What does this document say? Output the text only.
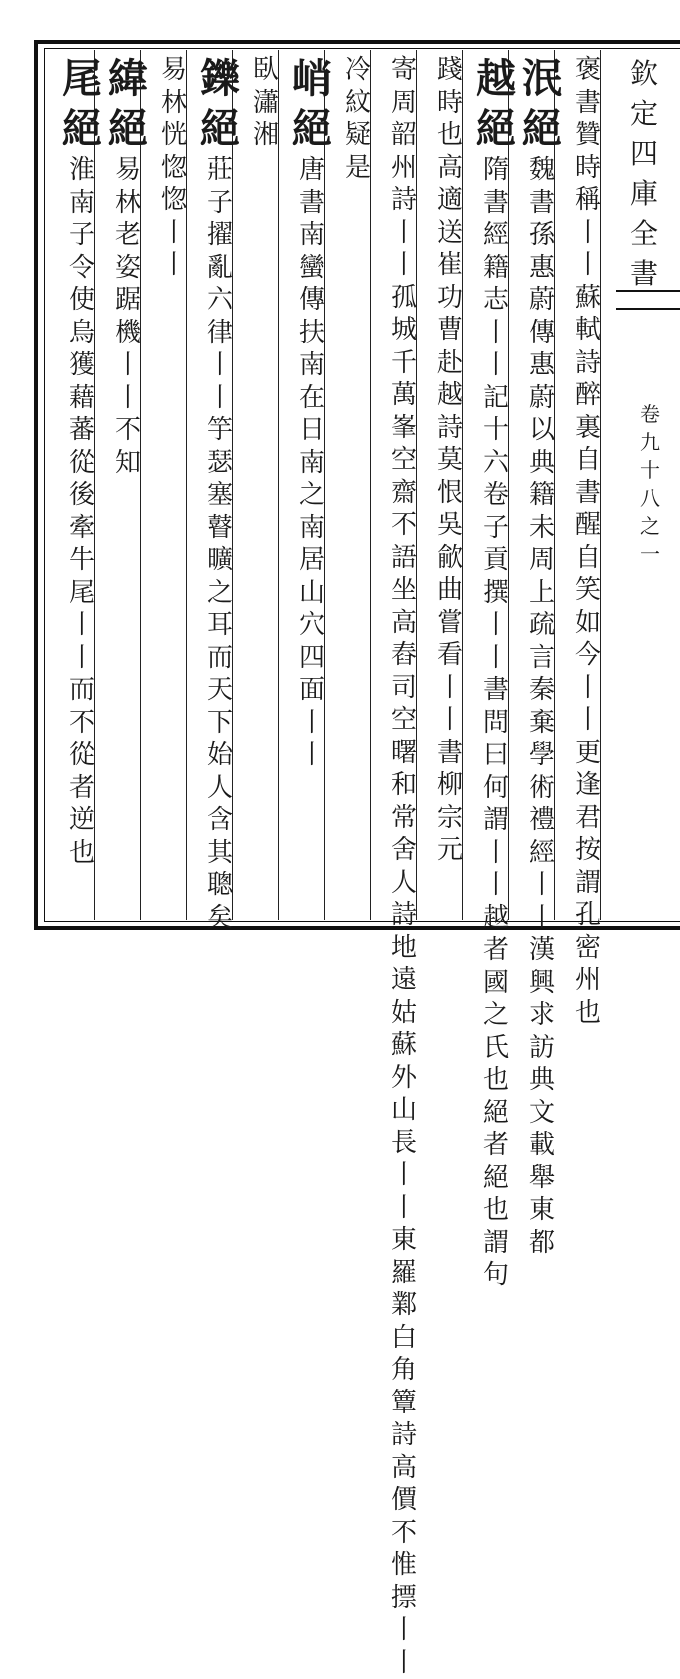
欽
定
四
庫
全
書
卷
九
十
八
之
一
褒
書
贊
時
稱
丨
丨
蘇
軾
詩
醉
裏
自
書
醒
自
笑
如
今
丨
丨
更
逢
君
按
謂
孔
密
州
也
泯
絕
魏
書
孫
惠
蔚
傳
惠
蔚
以
典
籍
未
周
上
疏
言
秦
棄
學
術
禮
經
丨
丨
漢
興
求
訪
典
文
載
舉
東
都
越
絕
隋
書
經
籍
志
丨
丨
記
十
六
卷
子
貢
撰
丨
丨
書
問
曰
何
謂
丨
丨
越
者
國
之
氏
也
絕
者
絕
也
謂
句
踐
時
也
高
適
送
崔
功
曹
赴
越
詩
莫
恨
吳
歈
曲
嘗
看
丨
丨
書
柳
宗
元
寄
周
韶
州
詩
丨
丨
孤
城
千
萬
峯
空
齋
不
語
坐
高
舂
司
空
曙
和
常
舍
人
詩
地
遠
姑
蘇
外
山
長
丨
丨
東
羅
鄴
白
角
簟
詩
高
價
不
惟
摽
丨
丨
冷
紋
疑
是
峭
絕
唐
書
南
蠻
傳
扶
南
在
日
南
之
南
居
山
穴
四
面
丨
丨
臥
瀟
湘
鑠
絕
莊
子
擢
亂
六
律
丨
丨
竽
瑟
塞
瞽
曠
之
耳
而
天
下
始
人
含
其
聰
矣
易
林
恍
惚
惚
丨
丨
緯
絕
易
林
老
姿
踞
機
丨
丨
不
知
尾
絕
淮
南
子
令
使
烏
獲
藉
蕃
從
後
牽
牛
尾
丨
丨
而
不
從
者
逆
也
